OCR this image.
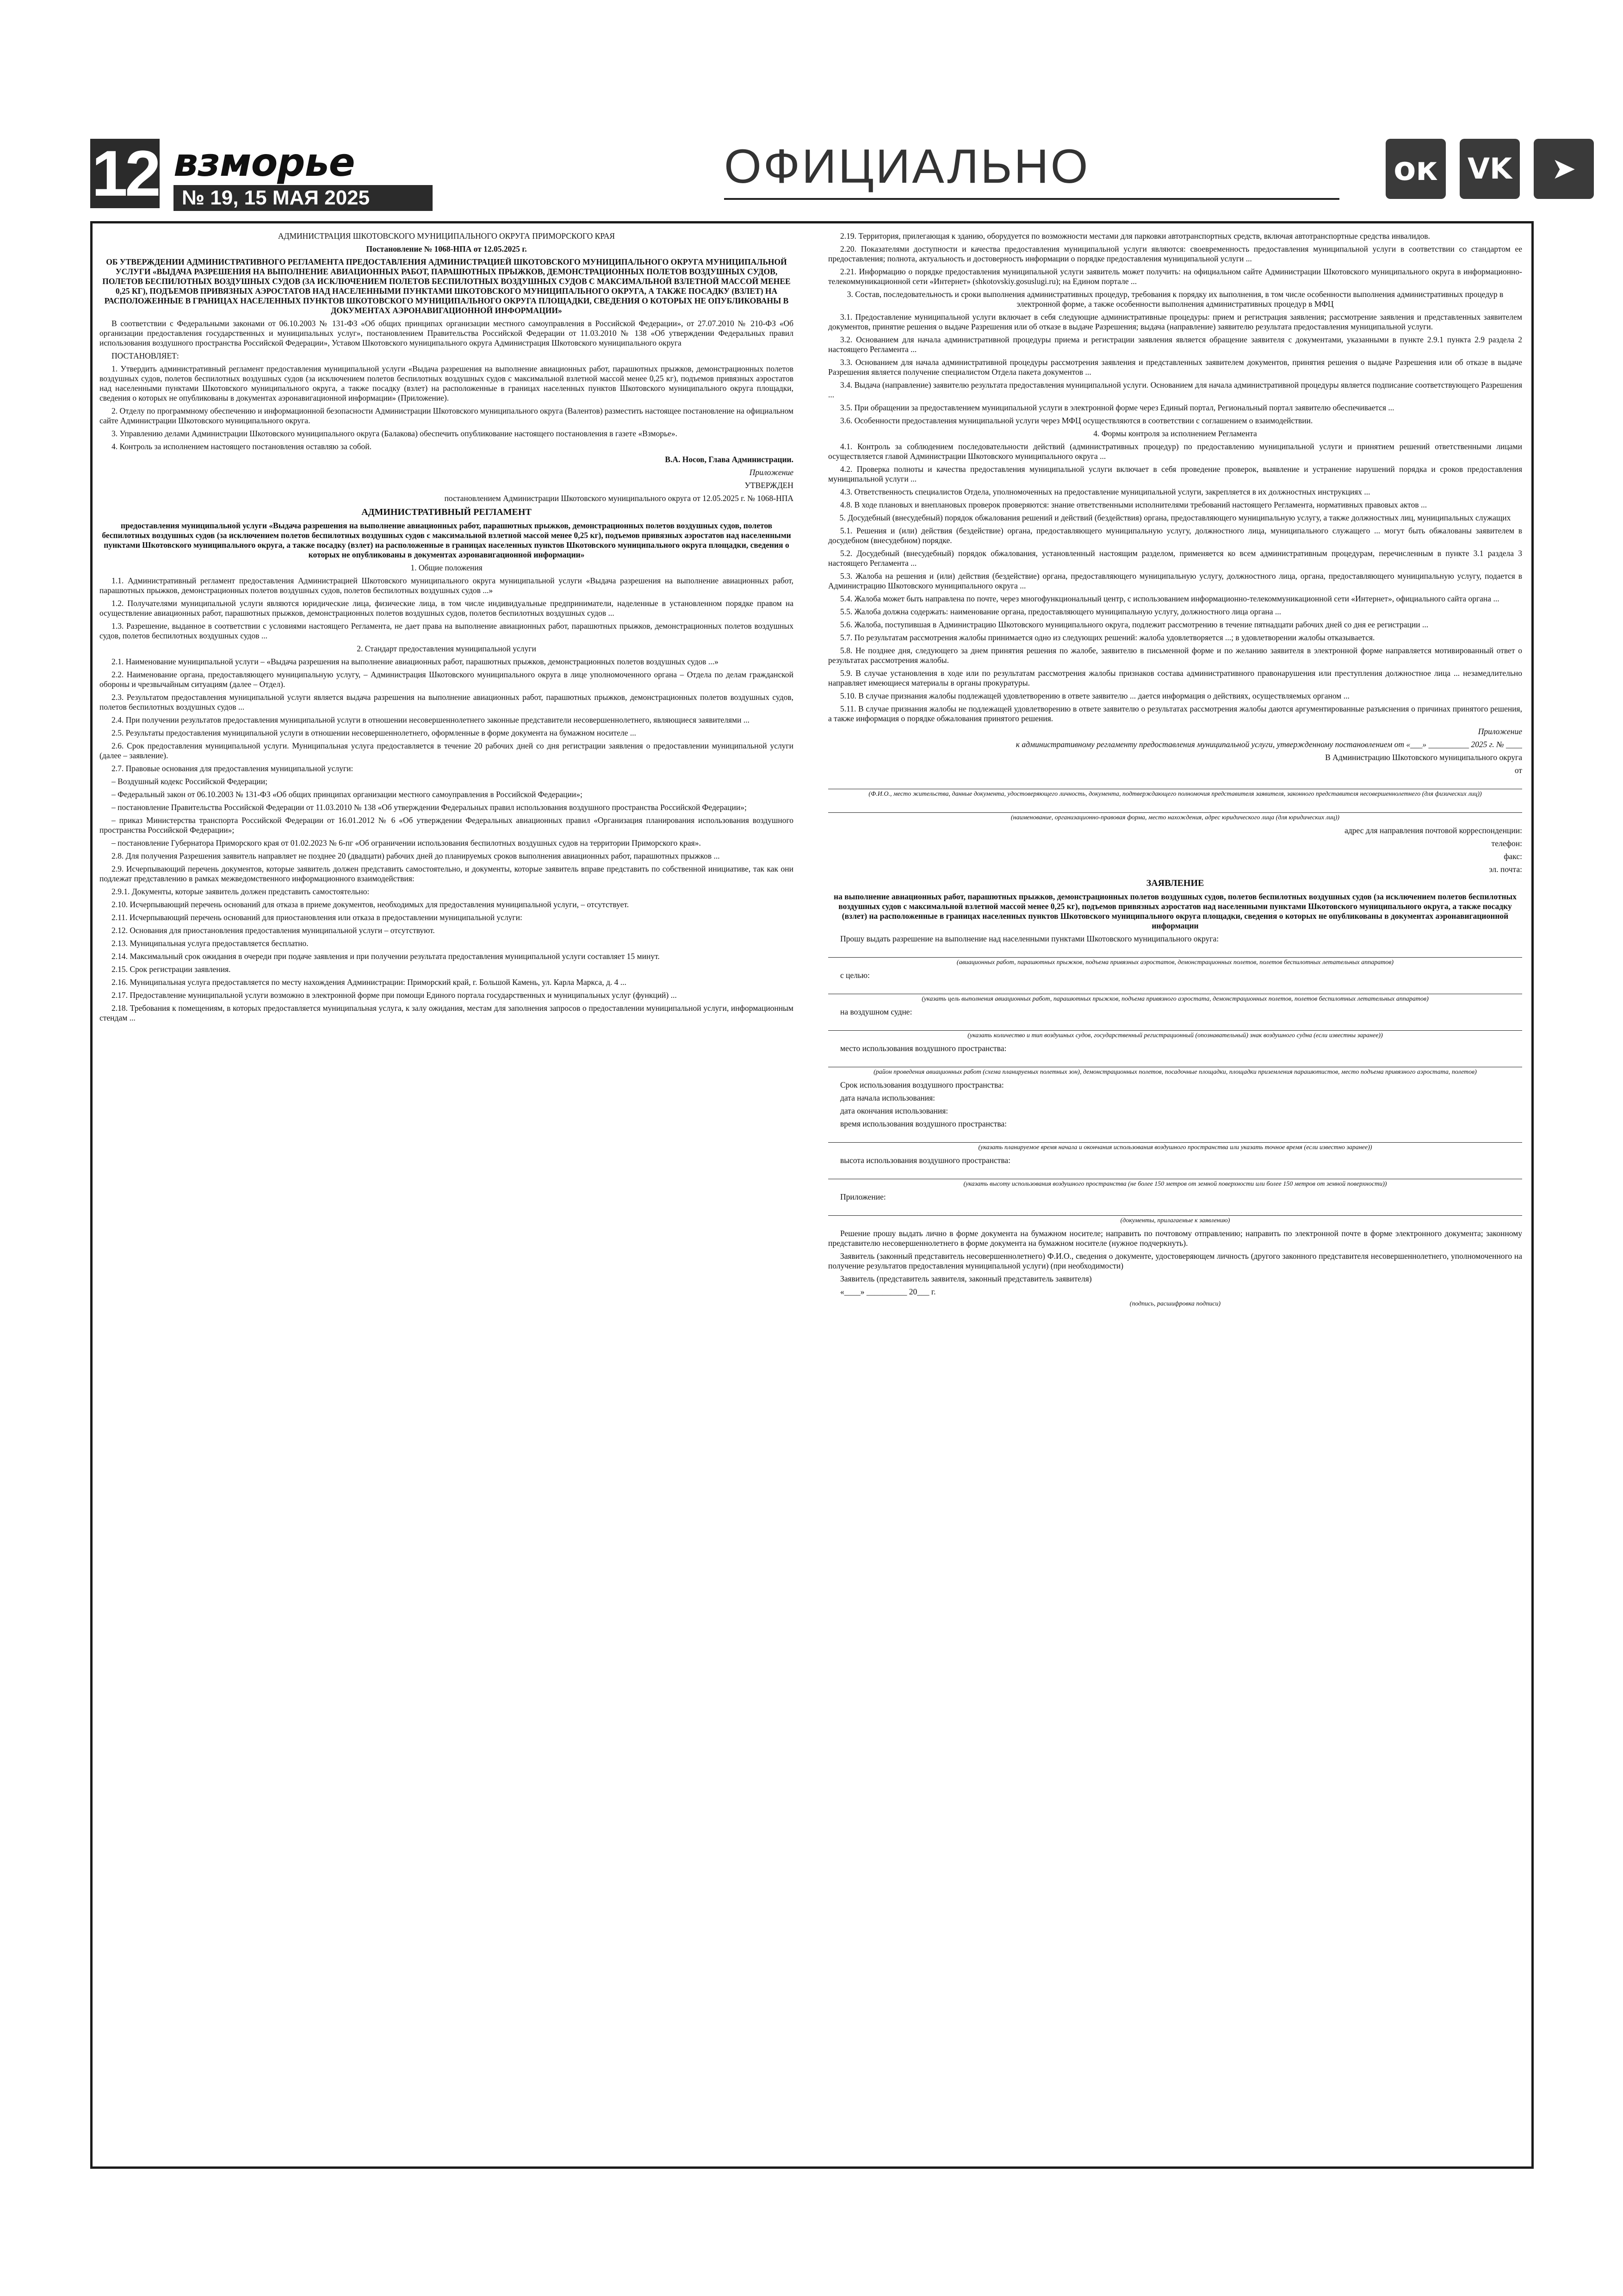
12 взморье
№ 19, 15 МАЯ 2025
ОФИЦИАЛЬНО	ок VK	➤

АДМИНИСТРАЦИЯ ШКОТОВСКОГО МУНИЦИПАЛЬНОГО ОКРУГА ПРИМОРСКОГО КРАЯ

Постановление № 1068-НПА от 12.05.2025 г.

ОБ УТВЕРЖДЕНИИ АДМИНИСТРАТИВНОГО РЕГЛАМЕНТА ПРЕДОСТАВЛЕНИЯ АДМИНИСТРАЦИЕЙ ШКОТОВСКОГО МУНИЦИПАЛЬНОГО ОКРУГА МУНИЦИПАЛЬНОЙ УСЛУГИ «ВЫДАЧА РАЗРЕШЕНИЯ НА ВЫПОЛНЕНИЕ АВИАЦИОННЫХ РАБОТ, ПАРАШЮТНЫХ ПРЫЖКОВ, ДЕМОНСТРАЦИОННЫХ ПОЛЕТОВ ВОЗДУШНЫХ СУДОВ, ПОЛЕТОВ БЕСПИЛОТНЫХ ВОЗДУШНЫХ СУДОВ (ЗА ИСКЛЮЧЕНИЕМ ПОЛЕТОВ БЕСПИЛОТНЫХ ВОЗДУШНЫХ СУДОВ С МАКСИМАЛЬНОЙ ВЗЛЕТНОЙ МАССОЙ МЕНЕЕ 0,25 КГ), ПОДЪЕМОВ ПРИВЯЗНЫХ АЭРОСТАТОВ НАД НАСЕЛЕННЫМИ ПУНКТАМИ ШКОТОВСКОГО МУНИЦИПАЛЬНОГО ОКРУГА, А ТАКЖЕ ПОСАДКУ (ВЗЛЕТ) НА РАСПОЛОЖЕННЫЕ В ГРАНИЦАХ НАСЕЛЕННЫХ ПУНКТОВ ШКОТОВСКОГО МУНИЦИПАЛЬНОГО ОКРУГА ПЛОЩАДКИ, СВЕДЕНИЯ О КОТОРЫХ НЕ ОПУБЛИКОВАНЫ В ДОКУМЕНТАХ АЭРОНАВИГАЦИОННОЙ ИНФОРМАЦИИ»

В соответствии с Федеральными законами от 06.10.2003 № 131-ФЗ «Об общих принципах организации местного самоуправления в Российской Федерации», от 27.07.2010 № 210-ФЗ «Об организации предоставления государственных и муниципальных услуг», постановлением Правительства Российской Федерации от 11.03.2010 № 138 «Об утверждении Федеральных правил использования воздушного пространства Российской Федерации», Уставом Шкотовского муниципального округа Администрация Шкотовского муниципального округа

ПОСТАНОВЛЯЕТ:

1. Утвердить административный регламент предоставления муниципальной услуги «Выдача разрешения на выполнение авиационных работ, парашютных прыжков, демонстрационных полетов воздушных судов, полетов беспилотных воздушных судов (за исключением полетов беспилотных воздушных судов с максимальной взлетной массой менее 0,25 кг), подъемов привязных аэростатов над населенными пунктами Шкотовского муниципального округа, а также посадку (взлет) на расположенные в границах населенных пунктов Шкотовского муниципального округа площадки, сведения о которых не опубликованы в документах аэронавигационной информации» (Приложение).

2. Отделу по программному обеспечению и информационной безопасности Администрации Шкотовского муниципального округа (Валентов) разместить настоящее постановление на официальном сайте Администрации Шкотовского муниципального округа.

3. Управлению делами Администрации Шкотовского муниципального округа (Балакова) обеспечить опубликование настоящего постановления в газете «Взморье».

4. Контроль за исполнением настоящего постановления оставляю за собой.

В.А. Носов, Глава Администрации.

Приложение

УТВЕРЖДЕН

постановлением Администрации Шкотовского муниципального округа от 12.05.2025 г. № 1068-НПА

АДМИНИСТРАТИВНЫЙ РЕГЛАМЕНТ

предоставления муниципальной услуги «Выдача разрешения на выполнение авиационных работ, парашютных прыжков, демонстрационных полетов воздушных судов, полетов беспилотных воздушных судов (за исключением полетов беспилотных воздушных судов с максимальной взлетной массой менее 0,25 кг), подъемов привязных аэростатов над населенными пунктами Шкотовского муниципального округа, а также посадку (взлет) на расположенные в границах населенных пунктов Шкотовского муниципального округа площадки, сведения о которых не опубликованы в документах аэронавигационной информации»

1. Общие положения

1.1. Административный регламент предоставления Администрацией Шкотовского муниципального округа муниципальной услуги «Выдача разрешения на выполнение авиационных работ, парашютных прыжков, демонстрационных полетов воздушных судов, полетов беспилотных воздушных судов ...»

1.2. Получателями муниципальной услуги являются юридические лица, физические лица, в том числе индивидуальные предприниматели, наделенные в установленном порядке правом на осуществление авиационных работ, парашютных прыжков, демонстрационных полетов воздушных судов, полетов беспилотных воздушных судов ...

1.3. Разрешение, выданное в соответствии с условиями настоящего Регламента, не дает права на выполнение авиационных работ, парашютных прыжков, демонстрационных полетов воздушных судов, полетов беспилотных воздушных судов ...

2. Стандарт предоставления муниципальной услуги

2.1. Наименование муниципальной услуги – «Выдача разрешения на выполнение авиационных работ, парашютных прыжков, демонстрационных полетов воздушных судов ...»

2.2. Наименование органа, предоставляющего муниципальную услугу, – Администрация Шкотовского муниципального округа в лице уполномоченного органа – Отдела по делам гражданской обороны и чрезвычайным ситуациям (далее – Отдел).

2.3. Результатом предоставления муниципальной услуги является выдача разрешения на выполнение авиационных работ, парашютных прыжков, демонстрационных полетов воздушных судов, полетов беспилотных воздушных судов ...

2.4. При получении результатов предоставления муниципальной услуги в отношении несовершеннолетнего законные представители несовершеннолетнего, являющиеся заявителями ...

2.5. Результаты предоставления муниципальной услуги в отношении несовершеннолетнего, оформленные в форме документа на бумажном носителе ...

2.6. Срок предоставления муниципальной услуги. Муниципальная услуга предоставляется в течение 20 рабочих дней со дня регистрации заявления о предоставлении муниципальной услуги (далее – заявление).

2.7. Правовые основания для предоставления муниципальной услуги:

– Воздушный кодекс Российской Федерации;

– Федеральный закон от 06.10.2003 № 131-ФЗ «Об общих принципах организации местного самоуправления в Российской Федерации»;

– постановление Правительства Российской Федерации от 11.03.2010 № 138 «Об утверждении Федеральных правил использования воздушного пространства Российской Федерации»;

– приказ Министерства транспорта Российской Федерации от 16.01.2012 № 6 «Об утверждении Федеральных авиационных правил «Организация планирования использования воздушного пространства Российской Федерации»;

– постановление Губернатора Приморского края от 01.02.2023 № 6-пг «Об ограничении использования беспилотных воздушных судов на территории Приморского края».

2.8. Для получения Разрешения заявитель направляет не позднее 20 (двадцати) рабочих дней до планируемых сроков выполнения авиационных работ, парашютных прыжков ...

2.9. Исчерпывающий перечень документов, которые заявитель должен представить самостоятельно, и документы, которые заявитель вправе представить по собственной инициативе, так как они подлежат представлению в рамках межведомственного информационного взаимодействия:

2.9.1. Документы, которые заявитель должен представить самостоятельно:

2.10. Исчерпывающий перечень оснований для отказа в приеме документов, необходимых для предоставления муниципальной услуги, – отсутствует.

2.11. Исчерпывающий перечень оснований для приостановления или отказа в предоставлении муниципальной услуги:

2.12. Основания для приостановления предоставления муниципальной услуги – отсутствуют.

2.13. Муниципальная услуга предоставляется бесплатно.

2.14. Максимальный срок ожидания в очереди при подаче заявления и при получении результата предоставления муниципальной услуги составляет 15 минут.

2.15. Срок регистрации заявления.

2.16. Муниципальная услуга предоставляется по месту нахождения Администрации: Приморский край, г. Большой Камень, ул. Карла Маркса, д. 4 ...

2.17. Предоставление муниципальной услуги возможно в электронной форме при помощи Единого портала государственных и муниципальных услуг (функций) ...

2.18. Требования к помещениям, в которых предоставляется муниципальная услуга, к залу ожидания, местам для заполнения запросов о предоставлении муниципальной услуги, информационным стендам ...

2.19. Территория, прилегающая к зданию, оборудуется по возможности местами для парковки автотранспортных средств, включая автотранспортные средства инвалидов.

2.20. Показателями доступности и качества предоставления муниципальной услуги являются: своевременность предоставления муниципальной услуги в соответствии со стандартом ее предоставления; полнота, актуальность и достоверность информации о порядке предоставления муниципальной услуги ...

2.21. Информацию о порядке предоставления муниципальной услуги заявитель может получить: на официальном сайте Администрации Шкотовского муниципального округа в информационно-телекоммуникационной сети «Интернет» (shkotovskiy.gosuslugi.ru); на Едином портале ...

3. Состав, последовательность и сроки выполнения административных процедур, требования к порядку их выполнения, в том числе особенности выполнения административных процедур в электронной форме, а также особенности выполнения административных процедур в МФЦ

3.1. Предоставление муниципальной услуги включает в себя следующие административные процедуры: прием и регистрация заявления; рассмотрение заявления и представленных заявителем документов, принятие решения о выдаче Разрешения или об отказе в выдаче Разрешения; выдача (направление) заявителю результата предоставления муниципальной услуги.

3.2. Основанием для начала административной процедуры приема и регистрации заявления является обращение заявителя с документами, указанными в пункте 2.9.1 пункта 2.9 раздела 2 настоящего Регламента ...

3.3. Основанием для начала административной процедуры рассмотрения заявления и представленных заявителем документов, принятия решения о выдаче Разрешения или об отказе в выдаче Разрешения является получение специалистом Отдела пакета документов ...

3.4. Выдача (направление) заявителю результата предоставления муниципальной услуги. Основанием для начала административной процедуры является подписание соответствующего Разрешения ...

3.5. При обращении за предоставлением муниципальной услуги в электронной форме через Единый портал, Региональный портал заявителю обеспечивается ...

3.6. Особенности предоставления муниципальной услуги через МФЦ осуществляются в соответствии с соглашением о взаимодействии.

4. Формы контроля за исполнением Регламента

4.1. Контроль за соблюдением последовательности действий (административных процедур) по предоставлению муниципальной услуги и принятием решений ответственными лицами осуществляется главой Администрации Шкотовского муниципального округа ...

4.2. Проверка полноты и качества предоставления муниципальной услуги включает в себя проведение проверок, выявление и устранение нарушений порядка и сроков предоставления муниципальной услуги ...

4.3. Ответственность специалистов Отдела, уполномоченных на предоставление муниципальной услуги, закрепляется в их должностных инструкциях ...

4.8. В ходе плановых и внеплановых проверок проверяются: знание ответственными исполнителями требований настоящего Регламента, нормативных правовых актов ...

5. Досудебный (внесудебный) порядок обжалования решений и действий (бездействия) органа, предоставляющего муниципальную услугу, а также должностных лиц, муниципальных служащих

5.1. Решения и (или) действия (бездействие) органа, предоставляющего муниципальную услугу, должностного лица, муниципального служащего ... могут быть обжалованы заявителем в досудебном (внесудебном) порядке.

5.2. Досудебный (внесудебный) порядок обжалования, установленный настоящим разделом, применяется ко всем административным процедурам, перечисленным в пункте 3.1 раздела 3 настоящего Регламента ...

5.3. Жалоба на решения и (или) действия (бездействие) органа, предоставляющего муниципальную услугу, должностного лица, органа, предоставляющего муниципальную услугу, подается в Администрацию Шкотовского муниципального округа ...

5.4. Жалоба может быть направлена по почте, через многофункциональный центр, с использованием информационно-телекоммуникационной сети «Интернет», официального сайта органа ...

5.5. Жалоба должна содержать: наименование органа, предоставляющего муниципальную услугу, должностного лица органа ...

5.6. Жалоба, поступившая в Администрацию Шкотовского муниципального округа, подлежит рассмотрению в течение пятнадцати рабочих дней со дня ее регистрации ...

5.7. По результатам рассмотрения жалобы принимается одно из следующих решений: жалоба удовлетворяется ...; в удовлетворении жалобы отказывается.

5.8. Не позднее дня, следующего за днем принятия решения по жалобе, заявителю в письменной форме и по желанию заявителя в электронной форме направляется мотивированный ответ о результатах рассмотрения жалобы.

5.9. В случае установления в ходе или по результатам рассмотрения жалобы признаков состава административного правонарушения или преступления должностное лица ... незамедлительно направляет имеющиеся материалы в органы прокуратуры.

5.10. В случае признания жалобы подлежащей удовлетворению в ответе заявителю ... дается информация о действиях, осуществляемых органом ...

5.11. В случае признания жалобы не подлежащей удовлетворению в ответе заявителю о результатах рассмотрения жалобы даются аргументированные разъяснения о причинах принятого решения, а также информация о порядке обжалования принятого решения.

Приложение

к административному регламенту предоставления муниципальной услуги, утвержденному постановлением от «___» __________ 2025 г. № ____

В Администрацию Шкотовского муниципального округа

от

(Ф.И.О., место жительства, данные документа, удостоверяющего личность, документа, подтверждающего полномочия представителя заявителя, законного представителя несовершеннолетнего (для физических лиц))

(наименование, организационно-правовая форма, место нахождения, адрес юридического лица (для юридических лиц))

адрес для направления почтовой корреспонденции:

телефон:

факс:

эл. почта:

ЗАЯВЛЕНИЕ

на выполнение авиационных работ, парашютных прыжков, демонстрационных полетов воздушных судов, полетов беспилотных воздушных судов (за исключением полетов беспилотных воздушных судов с максимальной взлетной массой менее 0,25 кг), подъемов привязных аэростатов над населенными пунктами Шкотовского муниципального округа, а также посадку (взлет) на расположенные в границах населенных пунктов Шкотовского муниципального округа площадки, сведения о которых не опубликованы в документах аэронавигационной информации

Прошу выдать разрешение на выполнение над населенными пунктами Шкотовского муниципального округа:

(авиационных работ, парашютных прыжков, подъема привязных аэростатов, демонстрационных полетов, полетов беспилотных летательных аппаратов)

с целью:

(указать цель выполнения авиационных работ, парашютных прыжков, подъема привязного аэростата, демонстрационных полетов, полетов беспилотных летательных аппаратов)

на воздушном судне:

(указать количество и тип воздушных судов, государственный регистрационный (опознавательный) знак воздушного судна (если известны заранее))

место использования воздушного пространства:

(район проведения авиационных работ (схема планируемых полетных зон), демонстрационных полетов, посадочные площадки, площадки приземления парашютистов, место подъема привязного аэростата, полетов)

Срок использования воздушного пространства:

дата начала использования:

дата окончания использования:

время использования воздушного пространства:

(указать планируемое время начала и окончания использования воздушного пространства или указать точное время (если известно заранее))

высота использования воздушного пространства:

(указать высоту использования воздушного пространства (не более 150 метров от земной поверхности или более 150 метров от земной поверхности))

Приложение:

(документы, прилагаемые к заявлению)

Решение прошу выдать лично в форме документа на бумажном носителе; направить по почтовому отправлению; направить по электронной почте в форме электронного документа; законному представителю несовершеннолетнего в форме документа на бумажном носителе (нужное подчеркнуть).

Заявитель (законный представитель несовершеннолетнего) Ф.И.О., сведения о документе, удостоверяющем личность (другого законного представителя несовершеннолетнего, уполномоченного на получение результатов предоставления муниципальной услуги) (при необходимости)

Заявитель (представитель заявителя, законный представитель заявителя)

«____» __________ 20___ г.

(подпись, расшифровка подписи)
